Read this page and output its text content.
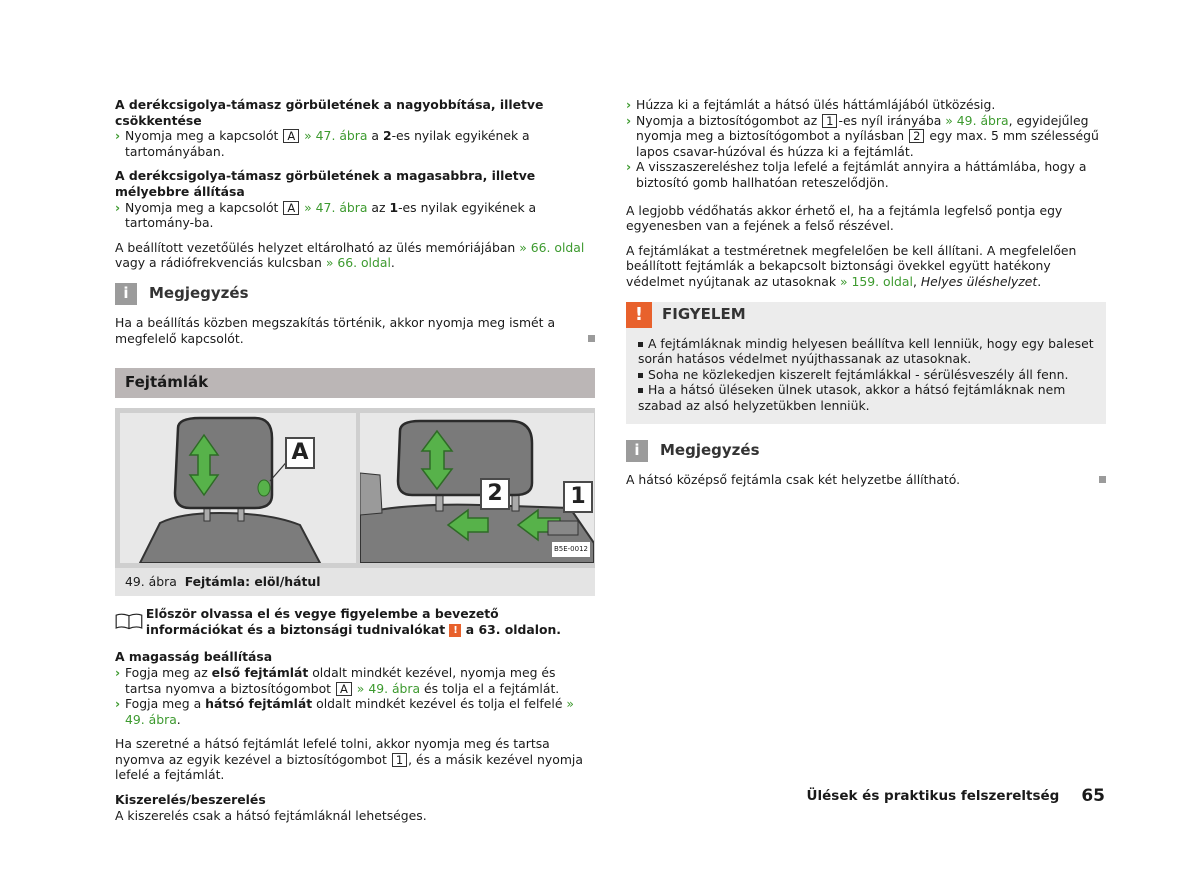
A derékcsigolya-támasz görbületének a nagyobbítása, illetve csökkentése

› Nyomja meg a kapcsolót A » 47. ábra a 2-es nyilak egyikének a tartományában.

A derékcsigolya-támasz görbületének a magasabbra, illetve mélyebbre állítása

› Nyomja meg a kapcsolót A » 47. ábra az 1-es nyilak egyikének a tartomány-ba.

A beállított vezetőülés helyzet eltárolható az ülés memóriájában » 66. oldal vagy a rádiófrekvenciás kulcsban » 66. oldal.

i	Megjegyzés

Ha a beállítás közben megszakítás történik, akkor nyomja meg ismét a megfelelő kapcsolót.

Fejtámlák
A
2	1
B5E-0012
49. ábra
Fejtámla: elöl/hátul

Először olvassa el és vegye figyelembe a bevezető információkat és a biztonsági tudnivalókat ! a 63. oldalon.

A magasság beállítása

› Fogja meg az első fejtámlát oldalt mindkét kezével, nyomja meg és tartsa nyomva a biztosítógombot A » 49. ábra és tolja el a fejtámlát.

› Fogja meg a hátsó fejtámlát oldalt mindkét kezével és tolja el felfelé » 49. ábra.

Ha szeretné a hátsó fejtámlát lefelé tolni, akkor nyomja meg és tartsa nyomva az egyik kezével a biztosítógombot 1 , és a másik kezével nyomja lefelé a fejtámlát.

Kiszerelés/beszerelés

A kiszerelés csak a hátsó fejtámláknál lehetséges.

› Húzza ki a fejtámlát a hátsó ülés háttámlájából ütközésig.

› Nyomja a biztosítógombot az 1 -es nyíl irányába » 49. ábra, egyidejűleg nyomja meg a biztosítógombot a nyílásban 2 egy max. 5 mm szélességű lapos csavar-húzóval és húzza ki a fejtámlát.

› A visszaszereléshez tolja lefelé a fejtámlát annyira a háttámlába, hogy a biztosító gomb hallhatóan reteszelődjön.

A legjobb védőhatás akkor érhető el, ha a fejtámla legfelső pontja egy egyenesben van a fejének a felső részével.

A fejtámlákat a testméretnek megfelelően be kell állítani. A megfelelően beállított fejtámlák a bekapcsolt biztonsági övekkel együtt hatékony védelmet nyújtanak az utasoknak » 159. oldal, Helyes üléshelyzet.

!	FIGYELEM

A fejtámláknak mindig helyesen beállítva kell lenniük, hogy egy baleset során hatásos védelmet nyújthassanak az utasoknak.

Soha ne közlekedjen kiszerelt fejtámlákkal - sérülésveszély áll fenn.

Ha a hátsó üléseken ülnek utasok, akkor a hátsó fejtámláknak nem szabad az alsó helyzetükben lenniük.

i	Megjegyzés

A hátsó középső fejtámla csak két helyzetbe állítható.

Ülések és praktikus felszereltség 65
